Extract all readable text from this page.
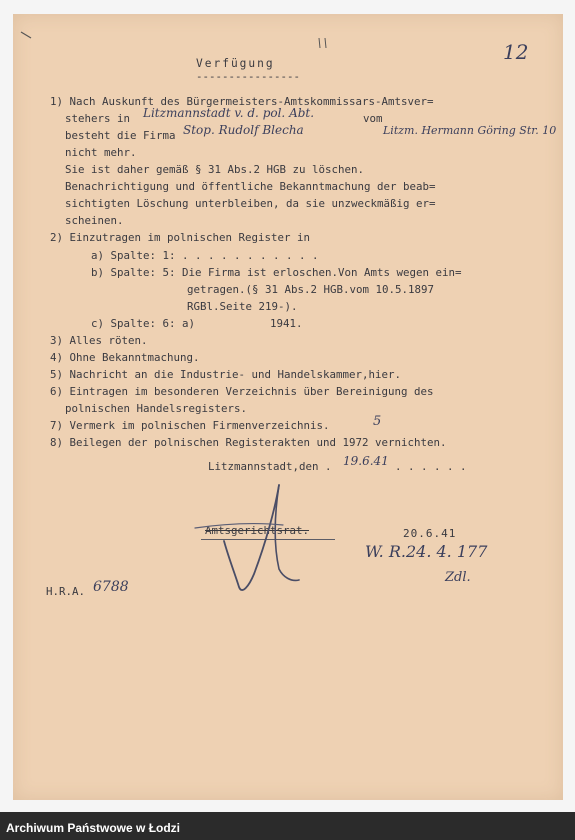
12
Verfügung
----------------
1) Nach Auskunft des Bürgermeisters-Amtskommissars-Amtsver=
stehers in Litzmannstadt v. d. pol. Abt.	vom
besteht die Firma Stop. Rudolf Blecha	Litzm. Hermann Göring Str. 10
nicht mehr.
Sie ist daher gemäß § 31 Abs.2 HGB zu löschen.
Benachrichtigung und öffentliche Bekanntmachung der beab=
sichtigten Löschung unterbleiben, da sie unzweckmäßig er=
scheinen.
2) Einzutragen im polnischen Register in
a) Spalte: 1: . . . . . . . . . . .
b) Spalte: 5: Die Firma ist erloschen.Von Amts wegen ein=
getragen.(§ 31 Abs.2 HGB.vom 10.5.1897
RGBl.Seite 219-).
c) Spalte: 6: a)	1941.
3) Alles röten.
4) Ohne Bekanntmachung.
5) Nachricht an die Industrie- und Handelskammer,hier.
6) Eintragen im besonderen Verzeichnis über Bereinigung des
polnischen Handelsregisters.
7) Vermerk im polnischen Firmenverzeichnis.	5
8) Beilegen der polnischen Registerakten und 1972 vernichten.
Litzmannstadt,den . 19.6.41 . . . . . .
Amtsgerichtsrat.	20.6.41
W. R.24. 4. 177
Zdl.
H.R.A. 6788
Archiwum Państwowe w Łodzi
